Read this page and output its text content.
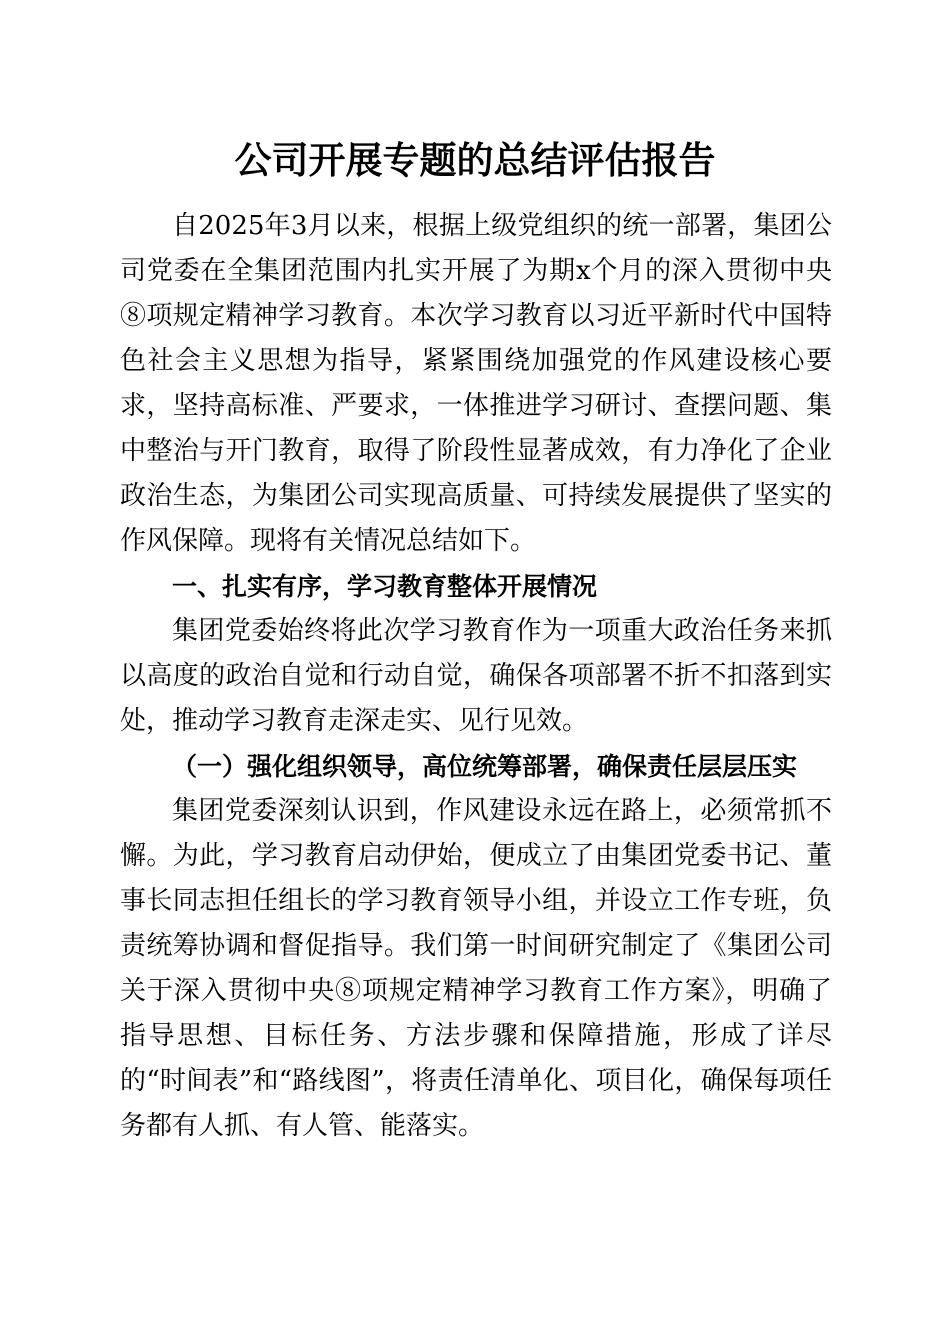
公司开展专题的总结评估报告

自2025年3月以来，根据上级党组织的统一部署，集团公司党委在全集团范围内扎实开展了为期x个月的深入贯彻中央⑧项规定精神学习教育。本次学习教育以习近平新时代中国特色社会主义思想为指导，紧紧围绕加强党的作风建设核心要求，坚持高标准、严要求，一体推进学习研讨、查摆问题、集中整治与开门教育，取得了阶段性显著成效，有力净化了企业政治生态，为集团公司实现高质量、可持续发展提供了坚实的作风保障。现将有关情况总结如下。

一、扎实有序，学习教育整体开展情况

集团党委始终将此次学习教育作为一项重大政治任务来抓以高度的政治自觉和行动自觉，确保各项部署不折不扣落到实处，推动学习教育走深走实、见行见效。

（一）强化组织领导，高位统筹部署，确保责任层层压实

集团党委深刻认识到，作风建设永远在路上，必须常抓不懈。为此，学习教育启动伊始，便成立了由集团党委书记、董事长同志担任组长的学习教育领导小组，并设立工作专班，负责统筹协调和督促指导。我们第一时间研究制定了《集团公司关于深入贯彻中央⑧项规定精神学习教育工作方案》，明确了指导思想、目标任务、方法步骤和保障措施，形成了详尽的“时间表”和“路线图”，将责任清单化、项目化，确保每项任务都有人抓、有人管、能落实。
